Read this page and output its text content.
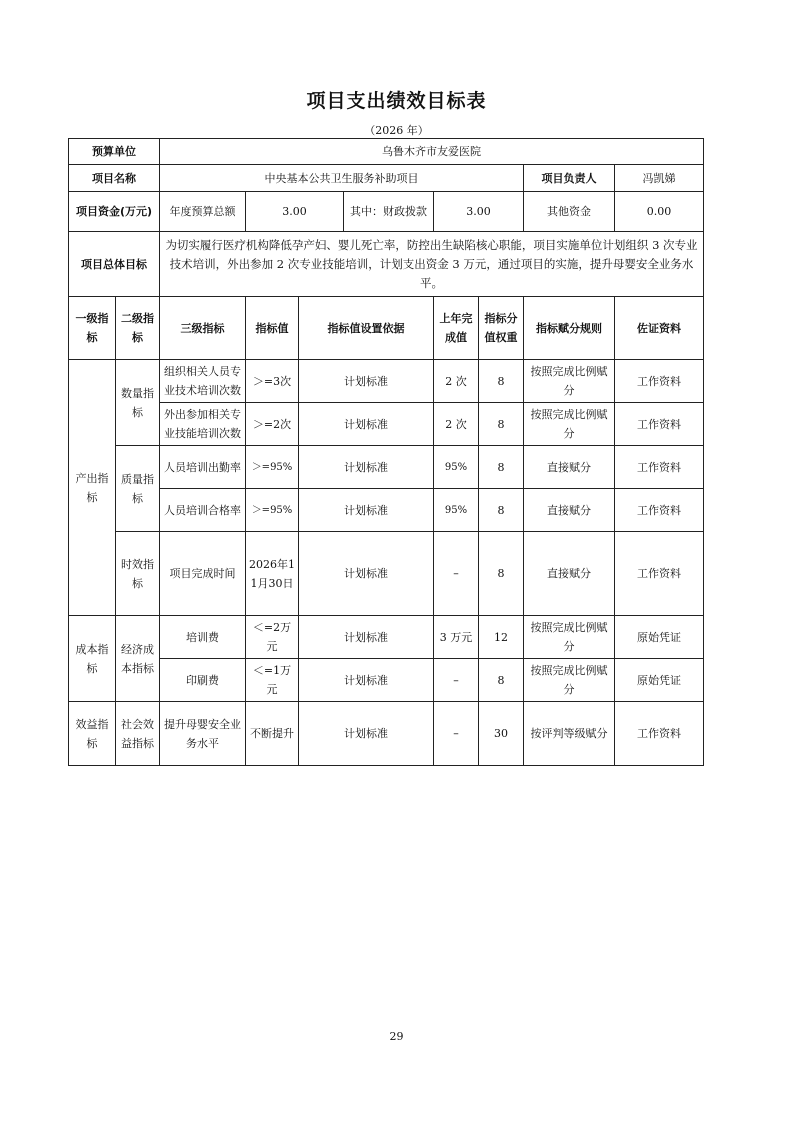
项目支出绩效目标表
（2026 年）
预算单位		乌鲁木齐市友爱医院							
项目名称		中央基本公共卫生服务补助项目						项目负责人	冯凯娣
项目资金(万元)		年度预算总额	3.00		其中：财政拨款	3.00		其他资金	0.00
项目总体目标		为切实履行医疗机构降低孕产妇、婴儿死亡率，防控出生缺陷核心职能，项目实施单位计划组织 3 次专业技术培训，外出参加 2 次专业技能培训，计划支出资金 3 万元，通过项目的实施，提升母婴安全业务水平。							
一级指标	二级指标	三级指标	指标值	指标值设置依据		上年完成值	指标分值权重	指标赋分规则	佐证资料
产出指标	数量指标	组织相关人员专业技术培训次数	＞=3次	计划标准		2 次	8	按照完成比例赋分	工作资料
		外出参加相关专业技能培训次数	＞=2次	计划标准		2 次	8	按照完成比例赋分	工作资料
	质量指标	人员培训出勤率	＞=95%	计划标准		95%	8	直接赋分	工作资料
		人员培训合格率	＞=95%	计划标准		95%	8	直接赋分	工作资料
	时效指标	项目完成时间	2026年11月30日	计划标准		–	8	直接赋分	工作资料
成本指标	经济成本指标	培训费	＜=2万元	计划标准		3 万元	12	按照完成比例赋分	原始凭证
		印刷费	＜=1万元	计划标准		–	8	按照完成比例赋分	原始凭证
效益指标	社会效益指标	提升母婴安全业务水平	不断提升	计划标准		–	30	按评判等级赋分	工作资料
29
